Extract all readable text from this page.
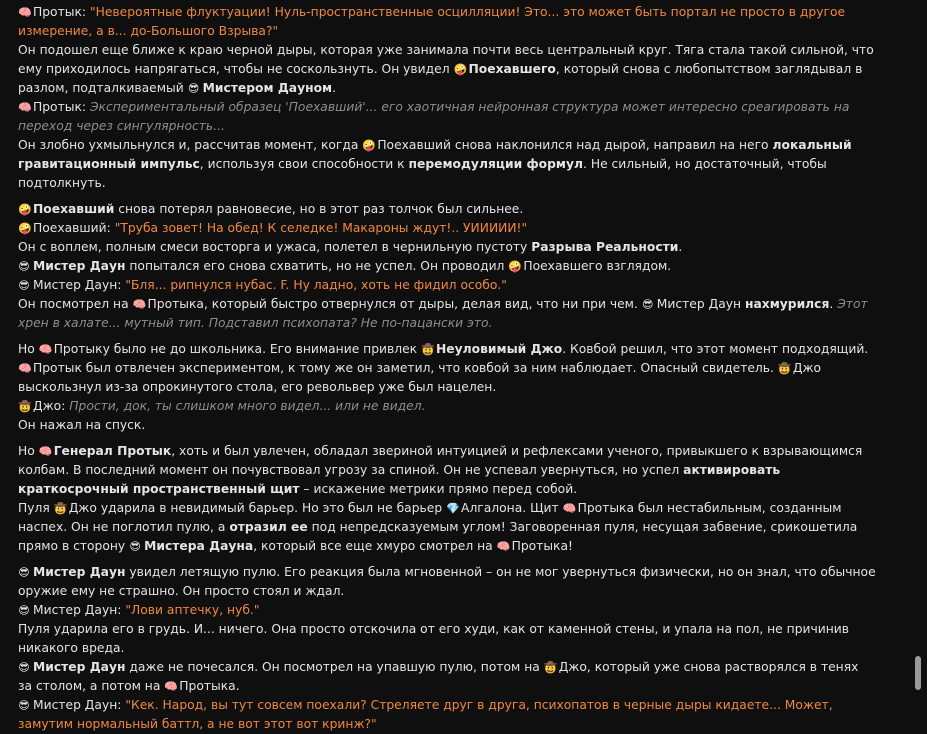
🧠Протык: "Невероятные флуктуации! Нуль-пространственные осцилляции! Это... это может быть портал не просто в другое измерение, а в... до-Большого Взрыва?"

Он подошел еще ближе к краю черной дыры, которая уже занимала почти весь центральный круг. Тяга стала такой сильной, что ему приходилось напрягаться, чтобы не соскользнуть. Он увидел 🤪Поехавшего, который снова с любопытством заглядывал в разлом, подталкиваемый 😎 Мистером Дауном.

🧠Протык: Экспериментальный образец 'Поехавший'... его хаотичная нейронная структура может интересно среагировать на переход через сингулярность...

Он злобно ухмыльнулся и, рассчитав момент, когда 🤪Поехавший снова наклонился над дырой, направил на него локальный гравитационный импульс, используя свои способности к перемодуляции формул. Не сильный, но достаточный, чтобы подтолкнуть.

🤪Поехавший снова потерял равновесие, но в этот раз толчок был сильнее.

🤪Поехавший: "Труба зовет! На обед! К селедке! Макароны ждут!.. УИИИИИ!"

Он с воплем, полным смеси восторга и ужаса, полетел в чернильную пустоту Разрыва Реальности.

😎 Мистер Даун попытался его снова схватить, но не успел. Он проводил 🤪Поехавшего взглядом.

😎 Мистер Даун: "Бля... рипнулся нубас. F. Ну ладно, хоть не фидил особо."

Он посмотрел на 🧠Протыка, который быстро отвернулся от дыры, делая вид, что ни при чем. 😎 Мистер Даун нахмурился. Этот хрен в халате... мутный тип. Подставил психопата? Не по-пацански это.

Но 🧠Протыку было не до школьника. Его внимание привлек 🤠Неуловимый Джо. Ковбой решил, что этот момент подходящий. 🧠Протык был отвлечен экспериментом, к тому же он заметил, что ковбой за ним наблюдает. Опасный свидетель. 🤠Джо выскользнул из-за опрокинутого стола, его револьвер уже был нацелен.

🤠Джо: Прости, док, ты слишком много видел... или не видел.

Он нажал на спуск.

Но 🧠Генерал Протык, хоть и был увлечен, обладал звериной интуицией и рефлексами ученого, привыкшего к взрывающимся колбам. В последний момент он почувствовал угрозу за спиной. Он не успевал увернуться, но успел активировать краткосрочный пространственный щит – искажение метрики прямо перед собой.

Пуля 🤠Джо ударила в невидимый барьер. Но это был не барьер 💎Алгалона. Щит 🧠Протыка был нестабильным, созданным наспех. Он не поглотил пулю, а отразил ее под непредсказуемым углом! Заговоренная пуля, несущая забвение, срикошетила прямо в сторону 😎 Мистера Дауна, который все еще хмуро смотрел на 🧠Протыка!

😎 Мистер Даун увидел летящую пулю. Его реакция была мгновенной – он не мог увернуться физически, но он знал, что обычное оружие ему не страшно. Он просто стоял и ждал.

😎 Мистер Даун: "Лови аптечку, нуб."

Пуля ударила его в грудь. И... ничего. Она просто отскочила от его худи, как от каменной стены, и упала на пол, не причинив никакого вреда.

😎 Мистер Даун даже не почесался. Он посмотрел на упавшую пулю, потом на 🤠Джо, который уже снова растворялся в тенях за столом, а потом на 🧠Протыка.

😎 Мистер Даун: "Кек. Народ, вы тут совсем поехали? Стреляете друг в друга, психопатов в черные дыры кидаете... Может, замутим нормальный баттл, а не вот этот вот кринж?"
